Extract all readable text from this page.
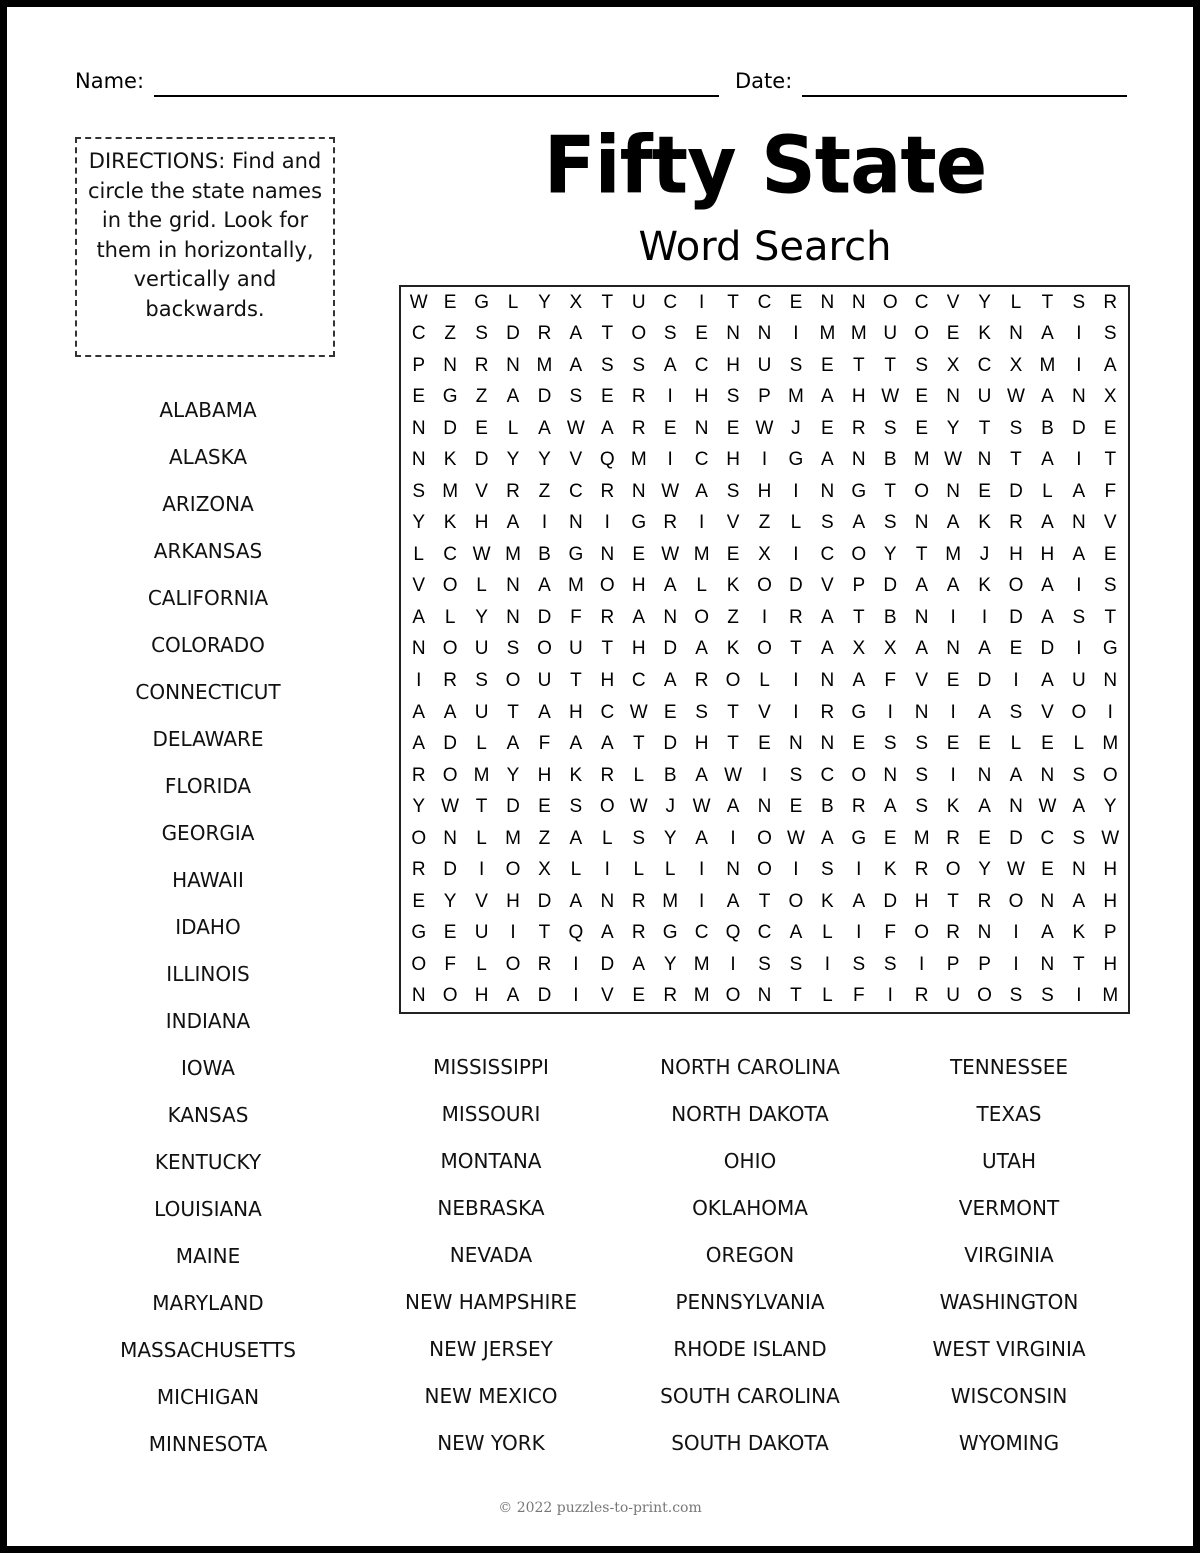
Name:	Date:
DIRECTIONS: Find and circle the state names in the grid. Look for them in horizontally, vertically and backwards.
Fifty State
Word Search
W E G L	Y X	T U C	I	T C E N N O C V Y	L	T	S R
C Z	S D R A	T O S E N N	I	M M U O E K N A	I	S
P N R N M A S S A C H U S E	T	T	S X C X M	I	A
E G Z	A D S E R	I	H S P M A H W E N U W A N X
N D E	L	A W A R E N E W J	E R S E Y	T	S B D E
N K D Y Y V Q M	I	C H	I	G A N B M W N T	A	I	T
S M V R Z C R N W A S H	I	N G T O N E D	L	A	F
Y K H A	I	N	I	G R	I	V	Z	L	S A S N A K R A N V
L	C W M B G N E W M E X	I	C O Y	T M J	H H A E
V O L	N A M O H A	L	K O D V P D A A K O A	I	S
A	L	Y N D F R A N O Z	I	R A	T	B N	I	I	D A S	T
N O U S O U T H D A K O T	A X X A N A E D	I	G
I	R S O U T H C A R O L	I	N A	F	V E D	I	A U N
A A U T	A H C W E S	T	V	I	R G	I	N	I	A S V O	I
A D	L	A	F	A A	T D H T	E N N E S S E E	L	E	L M
R O M Y H K R	L	B A W	I	S C O N S	I	N A N S O
Y W T D E S O W J W A N E B R A S K A N W A Y
O N	L M Z	A	L	S Y A	I	O W A G E M R E D C S W
R D	I	O X	L	I	L	L	I	N O	I	S	I	K R O Y W E N H
E Y V H D A N R M	I	A	T O K A D H T R O N A H
G E U	I	T Q A R G C Q C A	L	I	F O R N	I	A K P
O F	L O R	I	D A Y M	I	S S	I	S S	I	P P	I	N T H
N O H A D	I	V E R M O N T	L	F	I	R U O S S	I	M
ALABAMA
ALASKA
ARIZONA
ARKANSAS
CALIFORNIA
COLORADO
CONNECTICUT
DELAWARE
FLORIDA
GEORGIA
HAWAII
IDAHO
ILLINOIS
INDIANA
IOWA
KANSAS
KENTUCKY
LOUISIANA
MAINE
MARYLAND
MASSACHUSETTS
MICHIGAN
MINNESOTA
MISSISSIPPI
MISSOURI
MONTANA
NEBRASKA
NEVADA
NEW HAMPSHIRE
NEW JERSEY
NEW MEXICO
NEW YORK
NORTH CAROLINA
NORTH DAKOTA
OHIO
OKLAHOMA
OREGON
PENNSYLVANIA
RHODE ISLAND
SOUTH CAROLINA
SOUTH DAKOTA
TENNESSEE
TEXAS
UTAH
VERMONT
VIRGINIA
WASHINGTON
WEST VIRGINIA
WISCONSIN
WYOMING
© 2022 puzzles-to-print.com
